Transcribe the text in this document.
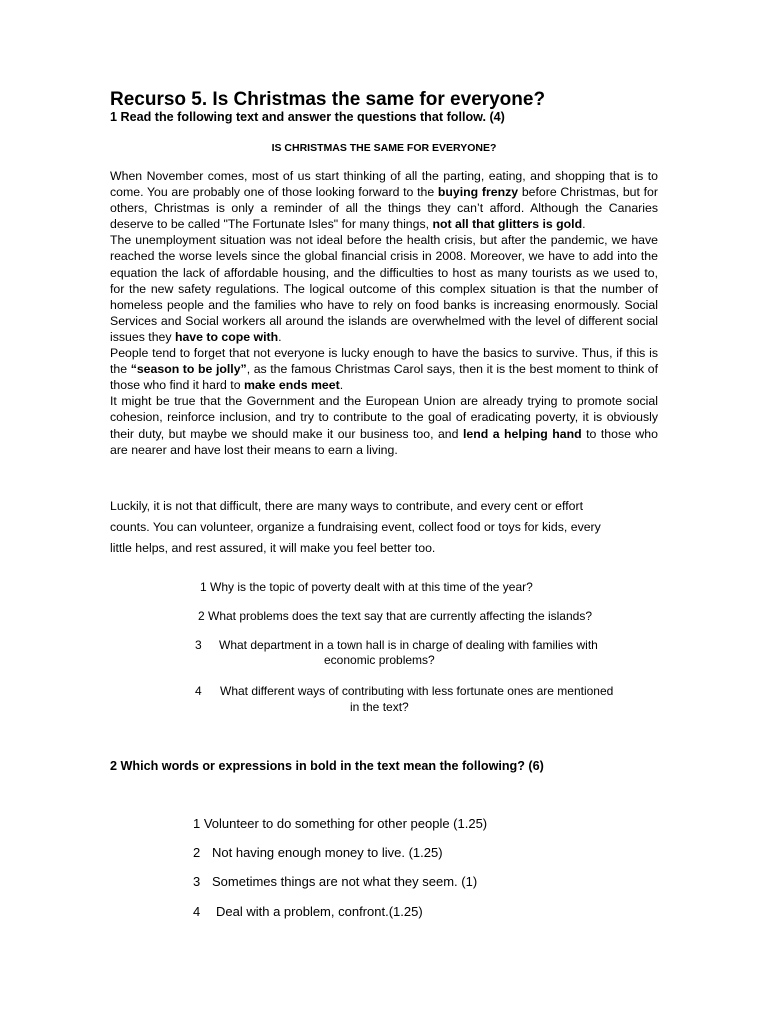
Recurso 5. Is Christmas the same for everyone?
1 Read the following text and answer the questions that follow. (4)
IS CHRISTMAS THE SAME FOR EVERYONE?

When November comes, most of us start thinking of all the parting, eating, and shopping that is to come. You are probably one of those looking forward to the buying frenzy before Christmas, but for others, Christmas is only a reminder of all the things they can’t afford. Although the Canaries deserve to be called "The Fortunate Isles" for many things, not all that glitters is gold.

The unemployment situation was not ideal before the health crisis, but after the pandemic, we have reached the worse levels since the global financial crisis in 2008. Moreover, we have to add into the equation the lack of affordable housing, and the difficulties to host as many tourists as we used to, for the new safety regulations. The logical outcome of this complex situation is that the number of homeless people and the families who have to rely on food banks is increasing enormously. Social Services and Social workers all around the islands are overwhelmed with the level of different social issues they have to cope with.

People tend to forget that not everyone is lucky enough to have the basics to survive. Thus, if this is the “season to be jolly”, as the famous Christmas Carol says, then it is the best moment to think of those who find it hard to make ends meet.

It might be true that the Government and the European Union are already trying to promote social cohesion, reinforce inclusion, and try to contribute to the goal of eradicating poverty, it is obviously their duty, but maybe we should make it our business too, and lend a helping hand to those who are nearer and have lost their means to earn a living.

Luckily, it is not that difficult, there are many ways to contribute, and every cent or effort
counts. You can volunteer, organize a fundraising event, collect food or toys for kids, every
little helps, and rest assured, it will make you feel better too.
1 Why is the topic of poverty dealt with at this time of the year?
2 What problems does the text say that are currently affecting the islands?
3 What department in a town hall is in charge of dealing with families with
economic problems?
4 What different ways of contributing with less fortunate ones are mentioned
in the text?
2 Which words or expressions in bold in the text mean the following? (6)
1 Volunteer to do something for other people (1.25)
2 Not having enough money to live. (1.25)
3 Sometimes things are not what they seem. (1)
4 Deal with a problem, confront.(1.25)
